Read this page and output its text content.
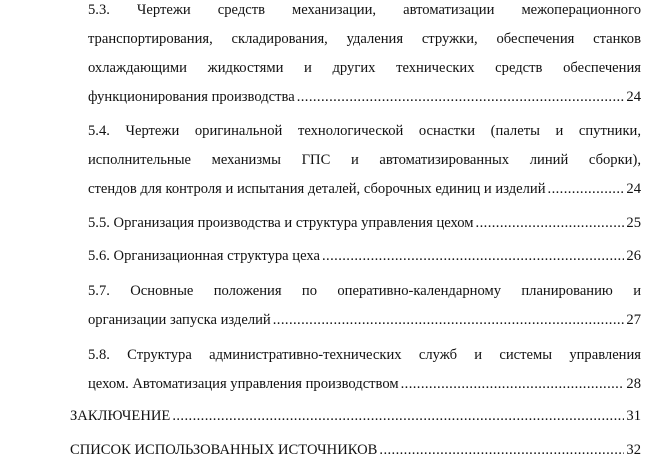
5.3. Чертежи средств механизации, автоматизации межоперационного
транспортирования, складирования, удаления стружки, обеспечения станков
охлаждающими жидкостями и других технических средств обеспечения
функционирования производства .....	24
5.4. Чертежи оригинальной технологической оснастки (палеты и спутники,
исполнительные механизмы ГПС и автоматизированных линий сборки),
стендов для контроля и испытания деталей, сборочных единиц и изделий .....	24
5.5. Организация производства и структура управления цехом .....	25
5.6. Организационная структура цеха .....	26
5.7. Основные положения по оперативно-календарному планированию и
организации запуска изделий .....	27
5.8. Структура административно-технических служб и системы управления
цехом. Автоматизация управления производством .....	28
ЗАКЛЮЧЕНИЕ .....	31
СПИСОК ИСПОЛЬЗОВАННЫХ ИСТОЧНИКОВ .....	32
